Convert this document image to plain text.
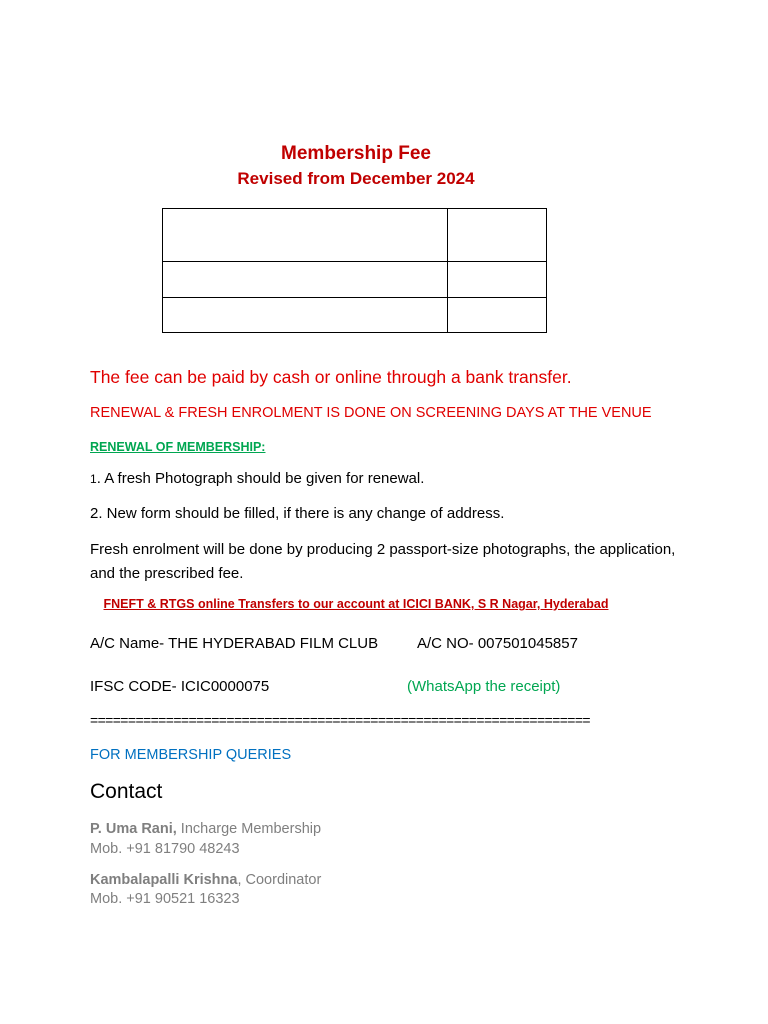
Membership Fee
Revised from December 2024

The fee can be paid by cash or online through a bank transfer.
RENEWAL & FRESH ENROLMENT IS DONE ON SCREENING DAYS AT THE VENUE
RENEWAL OF MEMBERSHIP:
1. A fresh Photograph should be given for renewal.
2. New form should be filled, if there is any change of address.
Fresh enrolment will be done by producing 2 passport-size photographs, the application, and the prescribed fee.
FNEFT & RTGS online Transfers to our account at ICICI BANK, S R Nagar, Hyderabad
A/C Name- THE HYDERABAD FILM CLUB	A/C NO- 007501045857
IFSC CODE- ICIC0000075	(WhatsApp the receipt)
==================================================================
FOR MEMBERSHIP QUERIES
Contact
P. Uma Rani, Incharge Membership
Mob. +91 81790 48243
Kambalapalli Krishna, Coordinator
Mob. +91 90521 16323
